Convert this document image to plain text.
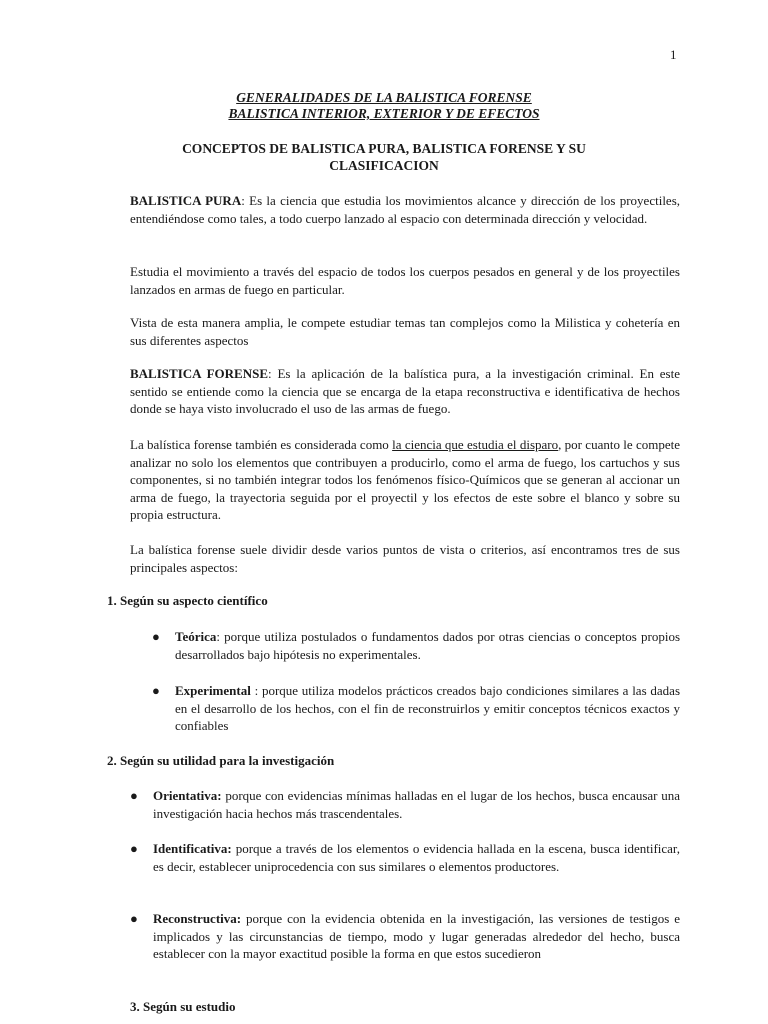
1
GENERALIDADES DE LA BALISTICA FORENSE
BALISTICA INTERIOR, EXTERIOR Y DE EFECTOS
CONCEPTOS DE BALISTICA PURA, BALISTICA FORENSE Y SU
CLASIFICACION
BALISTICA PURA: Es la ciencia que estudia los movimientos alcance y dirección de los proyectiles, entendiéndose como tales, a todo cuerpo lanzado al espacio con determinada dirección y velocidad.
Estudia el movimiento a través del espacio de todos los cuerpos pesados en general y de los proyectiles lanzados en armas de fuego en particular.
Vista de esta manera amplia, le compete estudiar temas tan complejos como la Milistica y cohetería en sus diferentes aspectos
BALISTICA FORENSE: Es la aplicación de la balística pura, a la investigación criminal. En este sentido se entiende como la ciencia que se encarga de la etapa reconstructiva e identificativa de hechos donde se haya visto involucrado el uso de las armas de fuego.
La balística forense también es considerada como la ciencia que estudia el disparo, por cuanto le compete analizar no solo los elementos que contribuyen a producirlo, como el arma de fuego, los cartuchos y sus componentes, si no también integrar todos los fenómenos físico-Químicos que se generan al accionar un arma de fuego, la trayectoria seguida por el proyectil y los efectos de este sobre el blanco y sobre su propia estructura.
La balística forense suele dividir desde varios puntos de vista o criterios, así encontramos tres de sus principales aspectos:
1. Según su aspecto científico
● Teórica: porque utiliza postulados o fundamentos dados por otras ciencias o conceptos propios desarrollados bajo hipótesis no experimentales.
● Experimental : porque utiliza modelos prácticos creados bajo condiciones similares a las dadas en el desarrollo de los hechos, con el fin de reconstruirlos y emitir conceptos técnicos exactos y confiables
2. Según su utilidad para la investigación
● Orientativa: porque con evidencias mínimas halladas en el lugar de los hechos, busca encausar una investigación hacia hechos más trascendentales.
● Identificativa: porque a través de los elementos o evidencia hallada en la escena, busca identificar, es decir, establecer uniprocedencia con sus similares o elementos productores.
● Reconstructiva: porque con la evidencia obtenida en la investigación, las versiones de testigos e implicados y las circunstancias de tiempo, modo y lugar generadas alrededor del hecho, busca establecer con la mayor exactitud posible la forma en que estos sucedieron
3. Según su estudio
